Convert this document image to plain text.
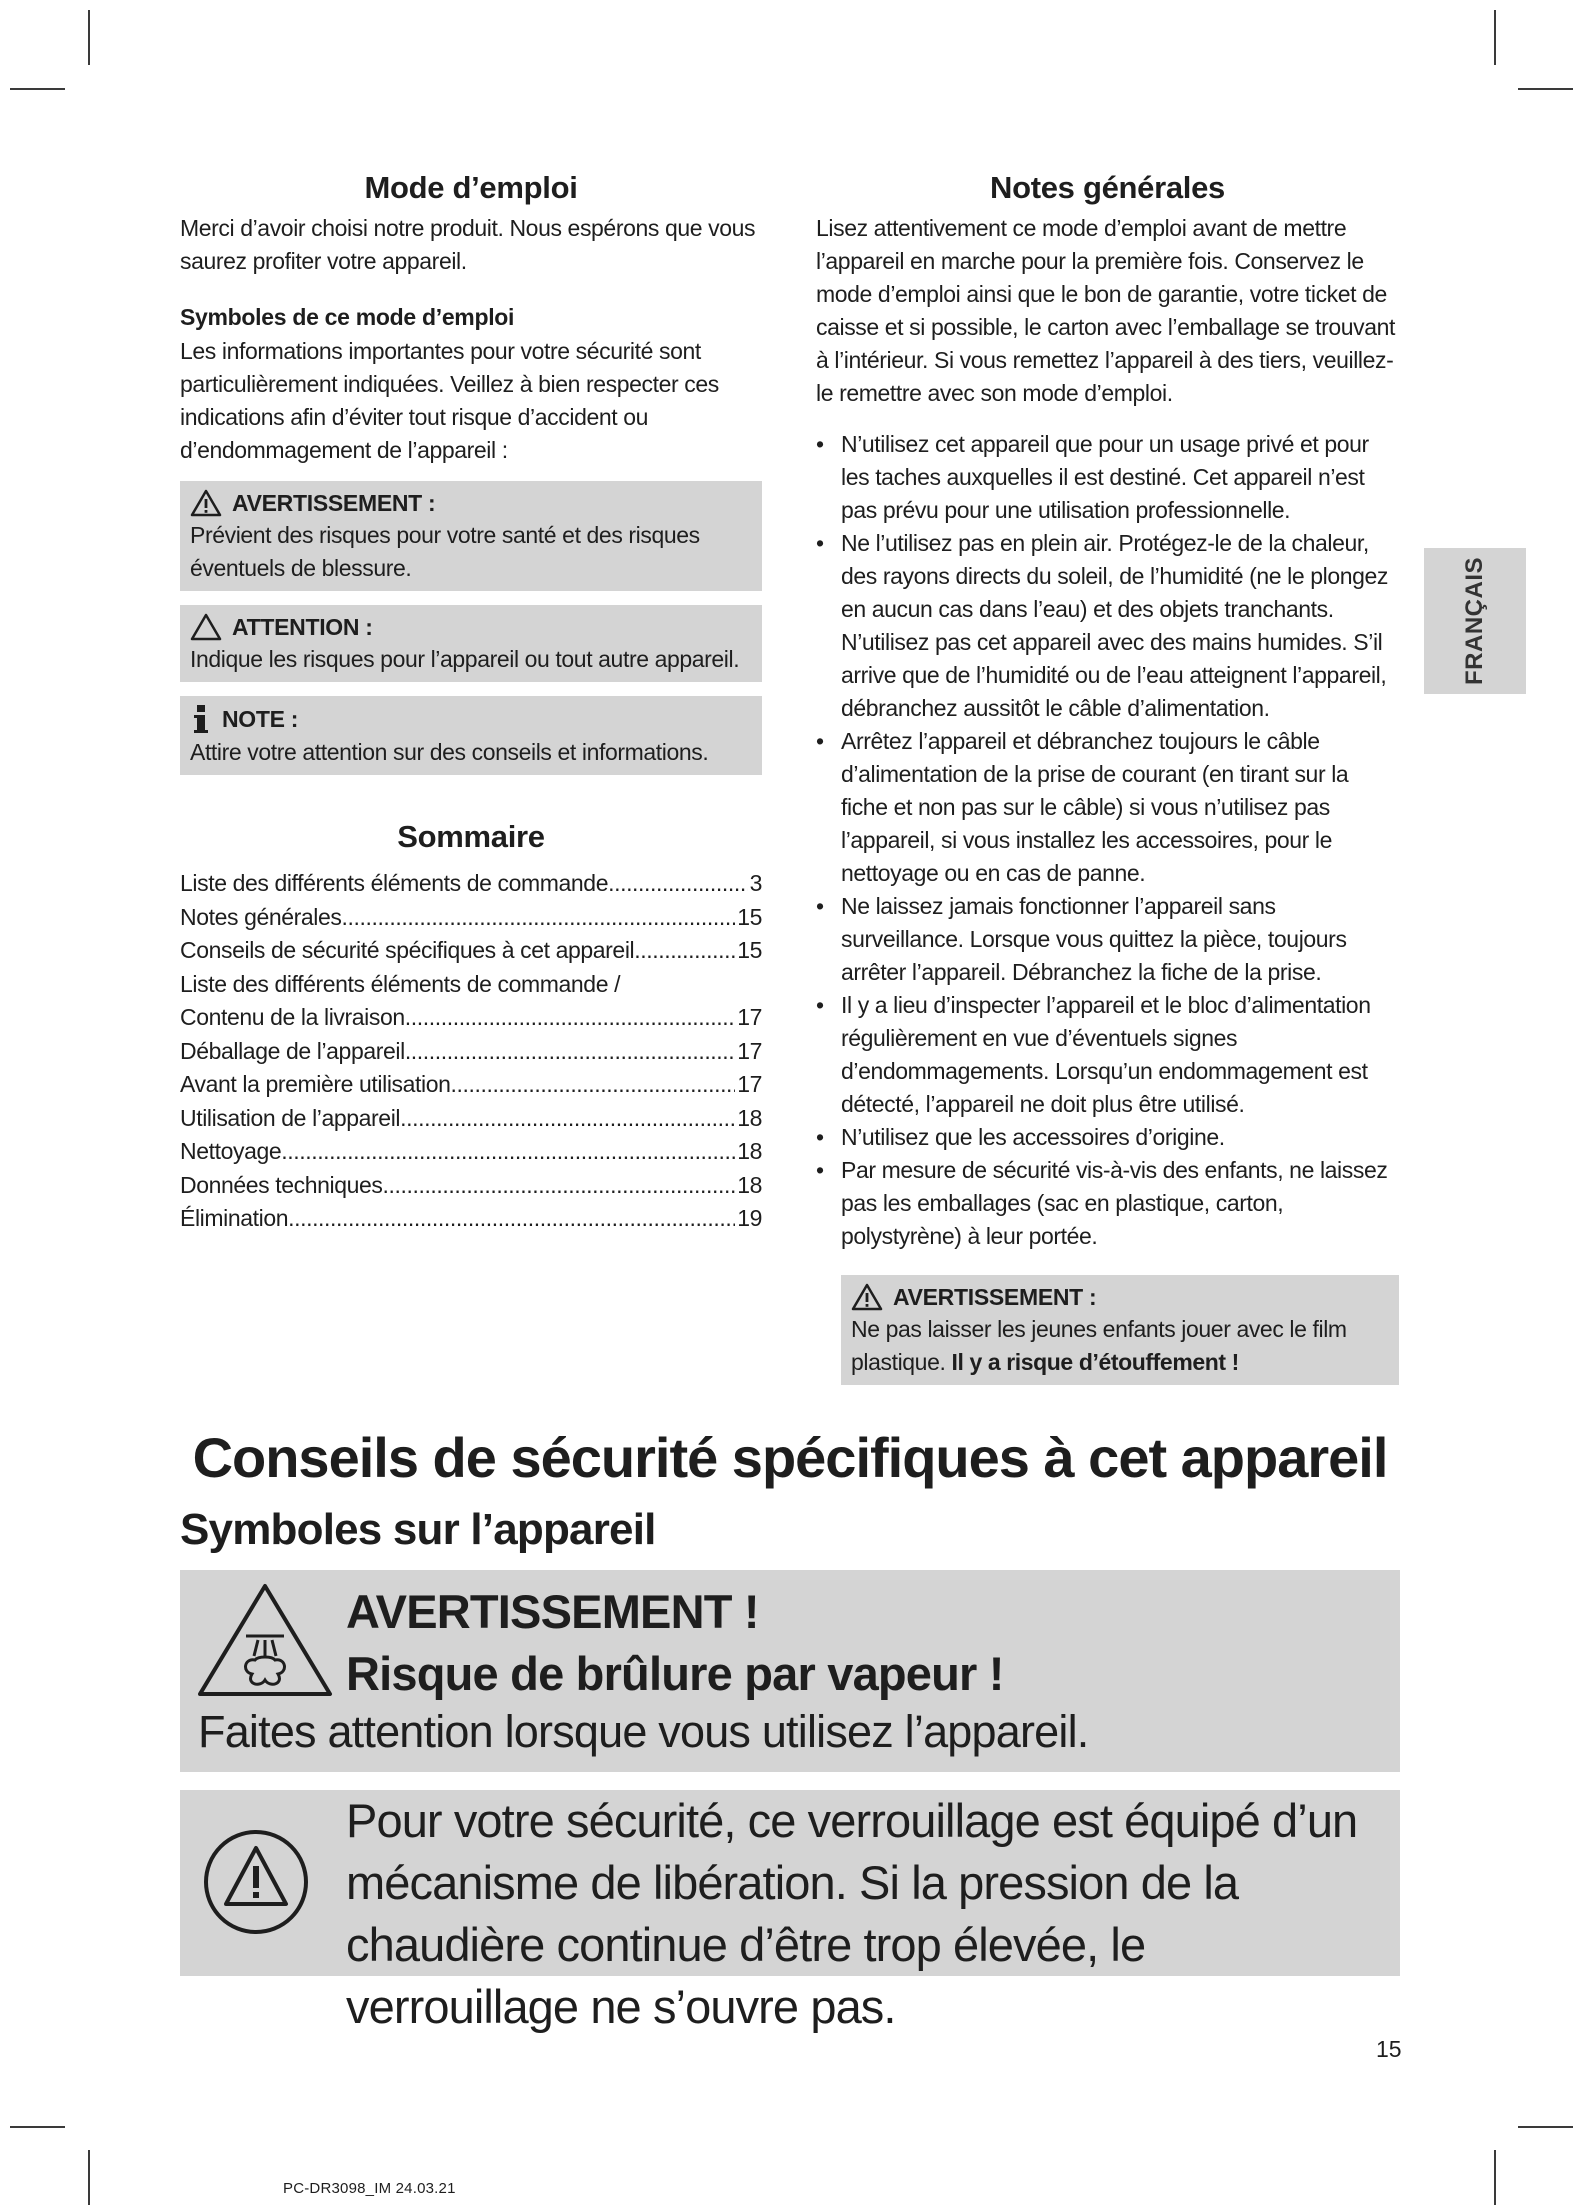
Mode d’emploi

Merci d’avoir choisi notre produit. Nous espérons que vous saurez profiter votre appareil.

Symboles de ce mode d’emploi

Les informations importantes pour votre sécurité sont particulièrement indiquées. Veillez à bien respecter ces indications afin d’éviter tout risque d’accident ou d’endommagement de l’appareil :

AVERTISSEMENT :
Prévient des risques pour votre santé et des risques éventuels de blessure.
ATTENTION :
Indique les risques pour l’appareil ou tout autre appareil.
NOTE :
Attire votre attention sur des conseils et informations.
Sommaire
Liste des différents éléments de commande .....	3
Notes générales .....	15
Conseils de sécurité spécifiques à cet appareil .....	15
Liste des différents éléments de commande /
Contenu de la livraison .....	17
Déballage de l’appareil .....	17
Avant la première utilisation .....	17
Utilisation de l’appareil .....	18
Nettoyage .....	18
Données techniques .....	18
Élimination .....	19
Notes générales

Lisez attentivement ce mode d’emploi avant de mettre l’appareil en marche pour la première fois. Conservez le mode d’emploi ainsi que le bon de garantie, votre ticket de caisse et si possible, le carton avec l’emballage se trouvant à l’intérieur. Si vous remettez l’appareil à des tiers, veuillez-le remettre avec son mode d’emploi.

• N’utilisez cet appareil que pour un usage privé et pour les taches auxquelles il est destiné. Cet appareil n’est pas prévu pour une utilisation professionnelle.
• Ne l’utilisez pas en plein air. Protégez-le de la chaleur, des rayons directs du soleil, de l’humidité (ne le plongez en aucun cas dans l’eau) et des objets tranchants. N’utilisez pas cet appareil avec des mains humides. S’il arrive que de l’humidité ou de l’eau atteignent l’appareil, débranchez aussitôt le câble d’alimentation.
• Arrêtez l’appareil et débranchez toujours le câble d’alimentation de la prise de courant (en tirant sur la fiche et non pas sur le câble) si vous n’utilisez pas l’appareil, si vous installez les accessoires, pour le nettoyage ou en cas de panne.
• Ne laissez jamais fonctionner l’appareil sans surveillance. Lorsque vous quittez la pièce, toujours arrêter l’appareil. Débranchez la fiche de la prise.
• Il y a lieu d’inspecter l’appareil et le bloc d’alimentation régulièrement en vue d’éventuels signes d’endommagements. Lorsqu’un endommagement est détecté, l’appareil ne doit plus être utilisé.
• N’utilisez que les accessoires d’origine.
• Par mesure de sécurité vis-à-vis des enfants, ne laissez pas les emballages (sac en plastique, carton, polystyrène) à leur portée.
AVERTISSEMENT :
Ne pas laisser les jeunes enfants jouer avec le film plastique. Il y a risque d’étouffement !
FRANÇAIS
Conseils de sécurité spécifiques à cet appareil
Symboles sur l’appareil
AVERTISSEMENT !
Risque de brûlure par vapeur !
Faites attention lorsque vous utilisez l’appareil.
Pour votre sécurité, ce verrouillage est équipé d’un mécanisme de libération. Si la pression de la chaudière continue d’être trop élevée, le verrouillage ne s’ouvre pas.
15
PC-DR3098_IM 24.03.21
